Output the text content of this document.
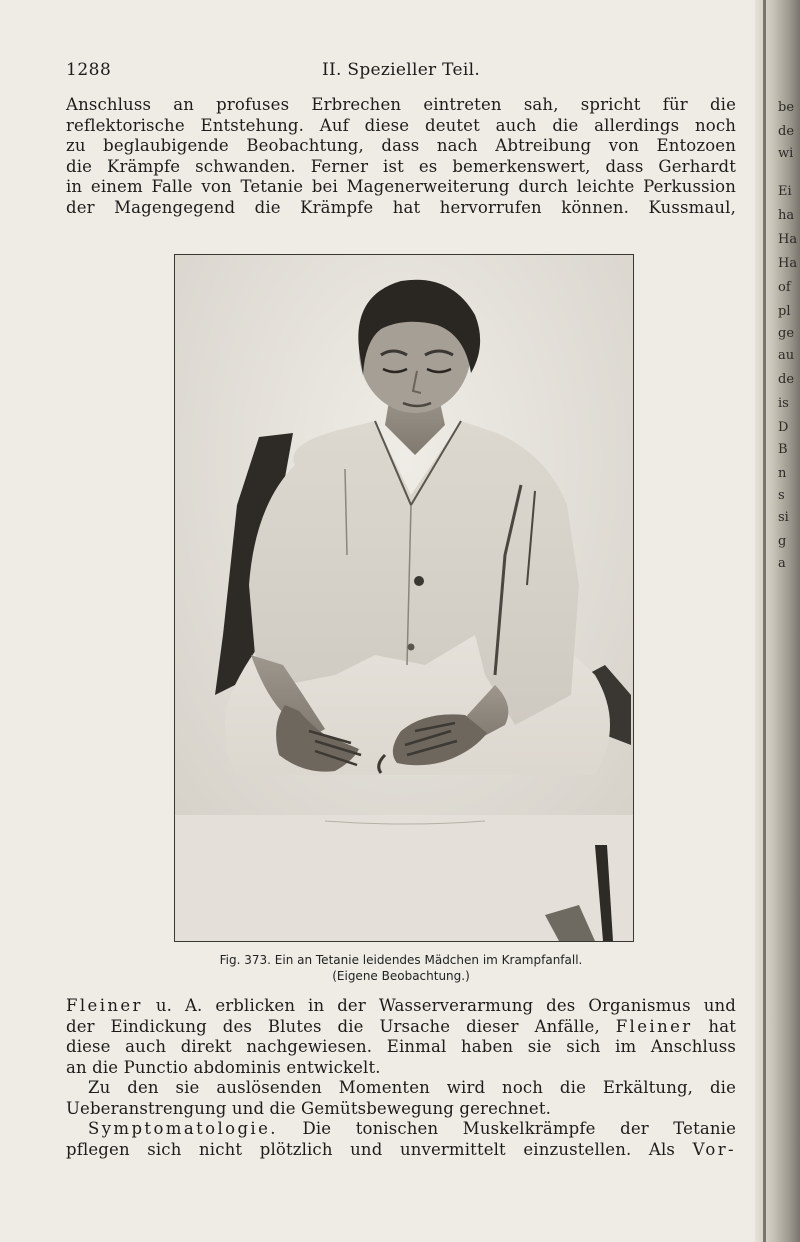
1288	II. Spezieller Teil.
Anschluss an profuses Erbrechen eintreten sah, spricht für die
reflektorische Entstehung. Auf diese deutet auch die allerdings noch
zu beglaubigende Beobachtung, dass nach Abtreibung von Entozoen
die Krämpfe schwanden. Ferner ist es bemerkenswert, dass Gerhardt
in einem Falle von Tetanie bei Magenerweiterung durch leichte Perkussion
der Magengegend die Krämpfe hat hervorrufen können. Kussmaul,
Fig. 373. Ein an Tetanie leidendes Mädchen im Krampfanfall.
(Eigene Beobachtung.)
Fleiner u. A. erblicken in der Wasserverarmung des Organismus und
der Eindickung des Blutes die Ursache dieser Anfälle, Fleiner hat
diese auch direkt nachgewiesen. Einmal haben sie sich im Anschluss
an die Punctio abdominis entwickelt.
Zu den sie auslösenden Momenten wird noch die Erkältung, die
Ueberanstrengung und die Gemütsbewegung gerechnet.
Symptomatologie. Die tonischen Muskelkrämpfe der Tetanie
pflegen sich nicht plötzlich und unvermittelt einzustellen. Als Vor-
be
de
wi
Ei
ha
Ha
Ha
of
pl
ge
au
de
is
D
B
n
s
si
g
a
